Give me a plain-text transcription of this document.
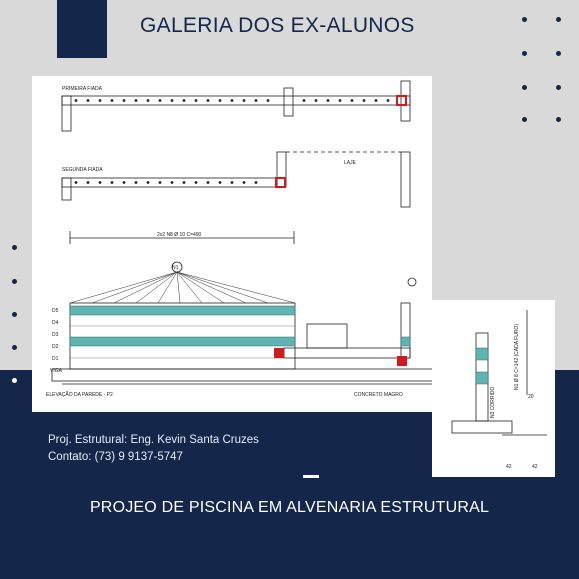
GALERIA DOS EX-ALUNOS
PRIMEIRA FIADA
SEGUNDA FIADA
LAJE
2x2 N8 Ø 10 C=490
N1
ELEVAÇÃO DA PAREDE - P2	CONCRETO MAGRO
D5
D4
D3
D2
D1
VIGA	N1 Ø 8 C=142 (CADA FURO)
N3 CORRIDO	20
42	42
Proj. Estrutural: Eng. Kevin Santa Cruzes
Contato: (73) 9 9137-5747
PROJEO DE PISCINA EM ALVENARIA ESTRUTURAL
